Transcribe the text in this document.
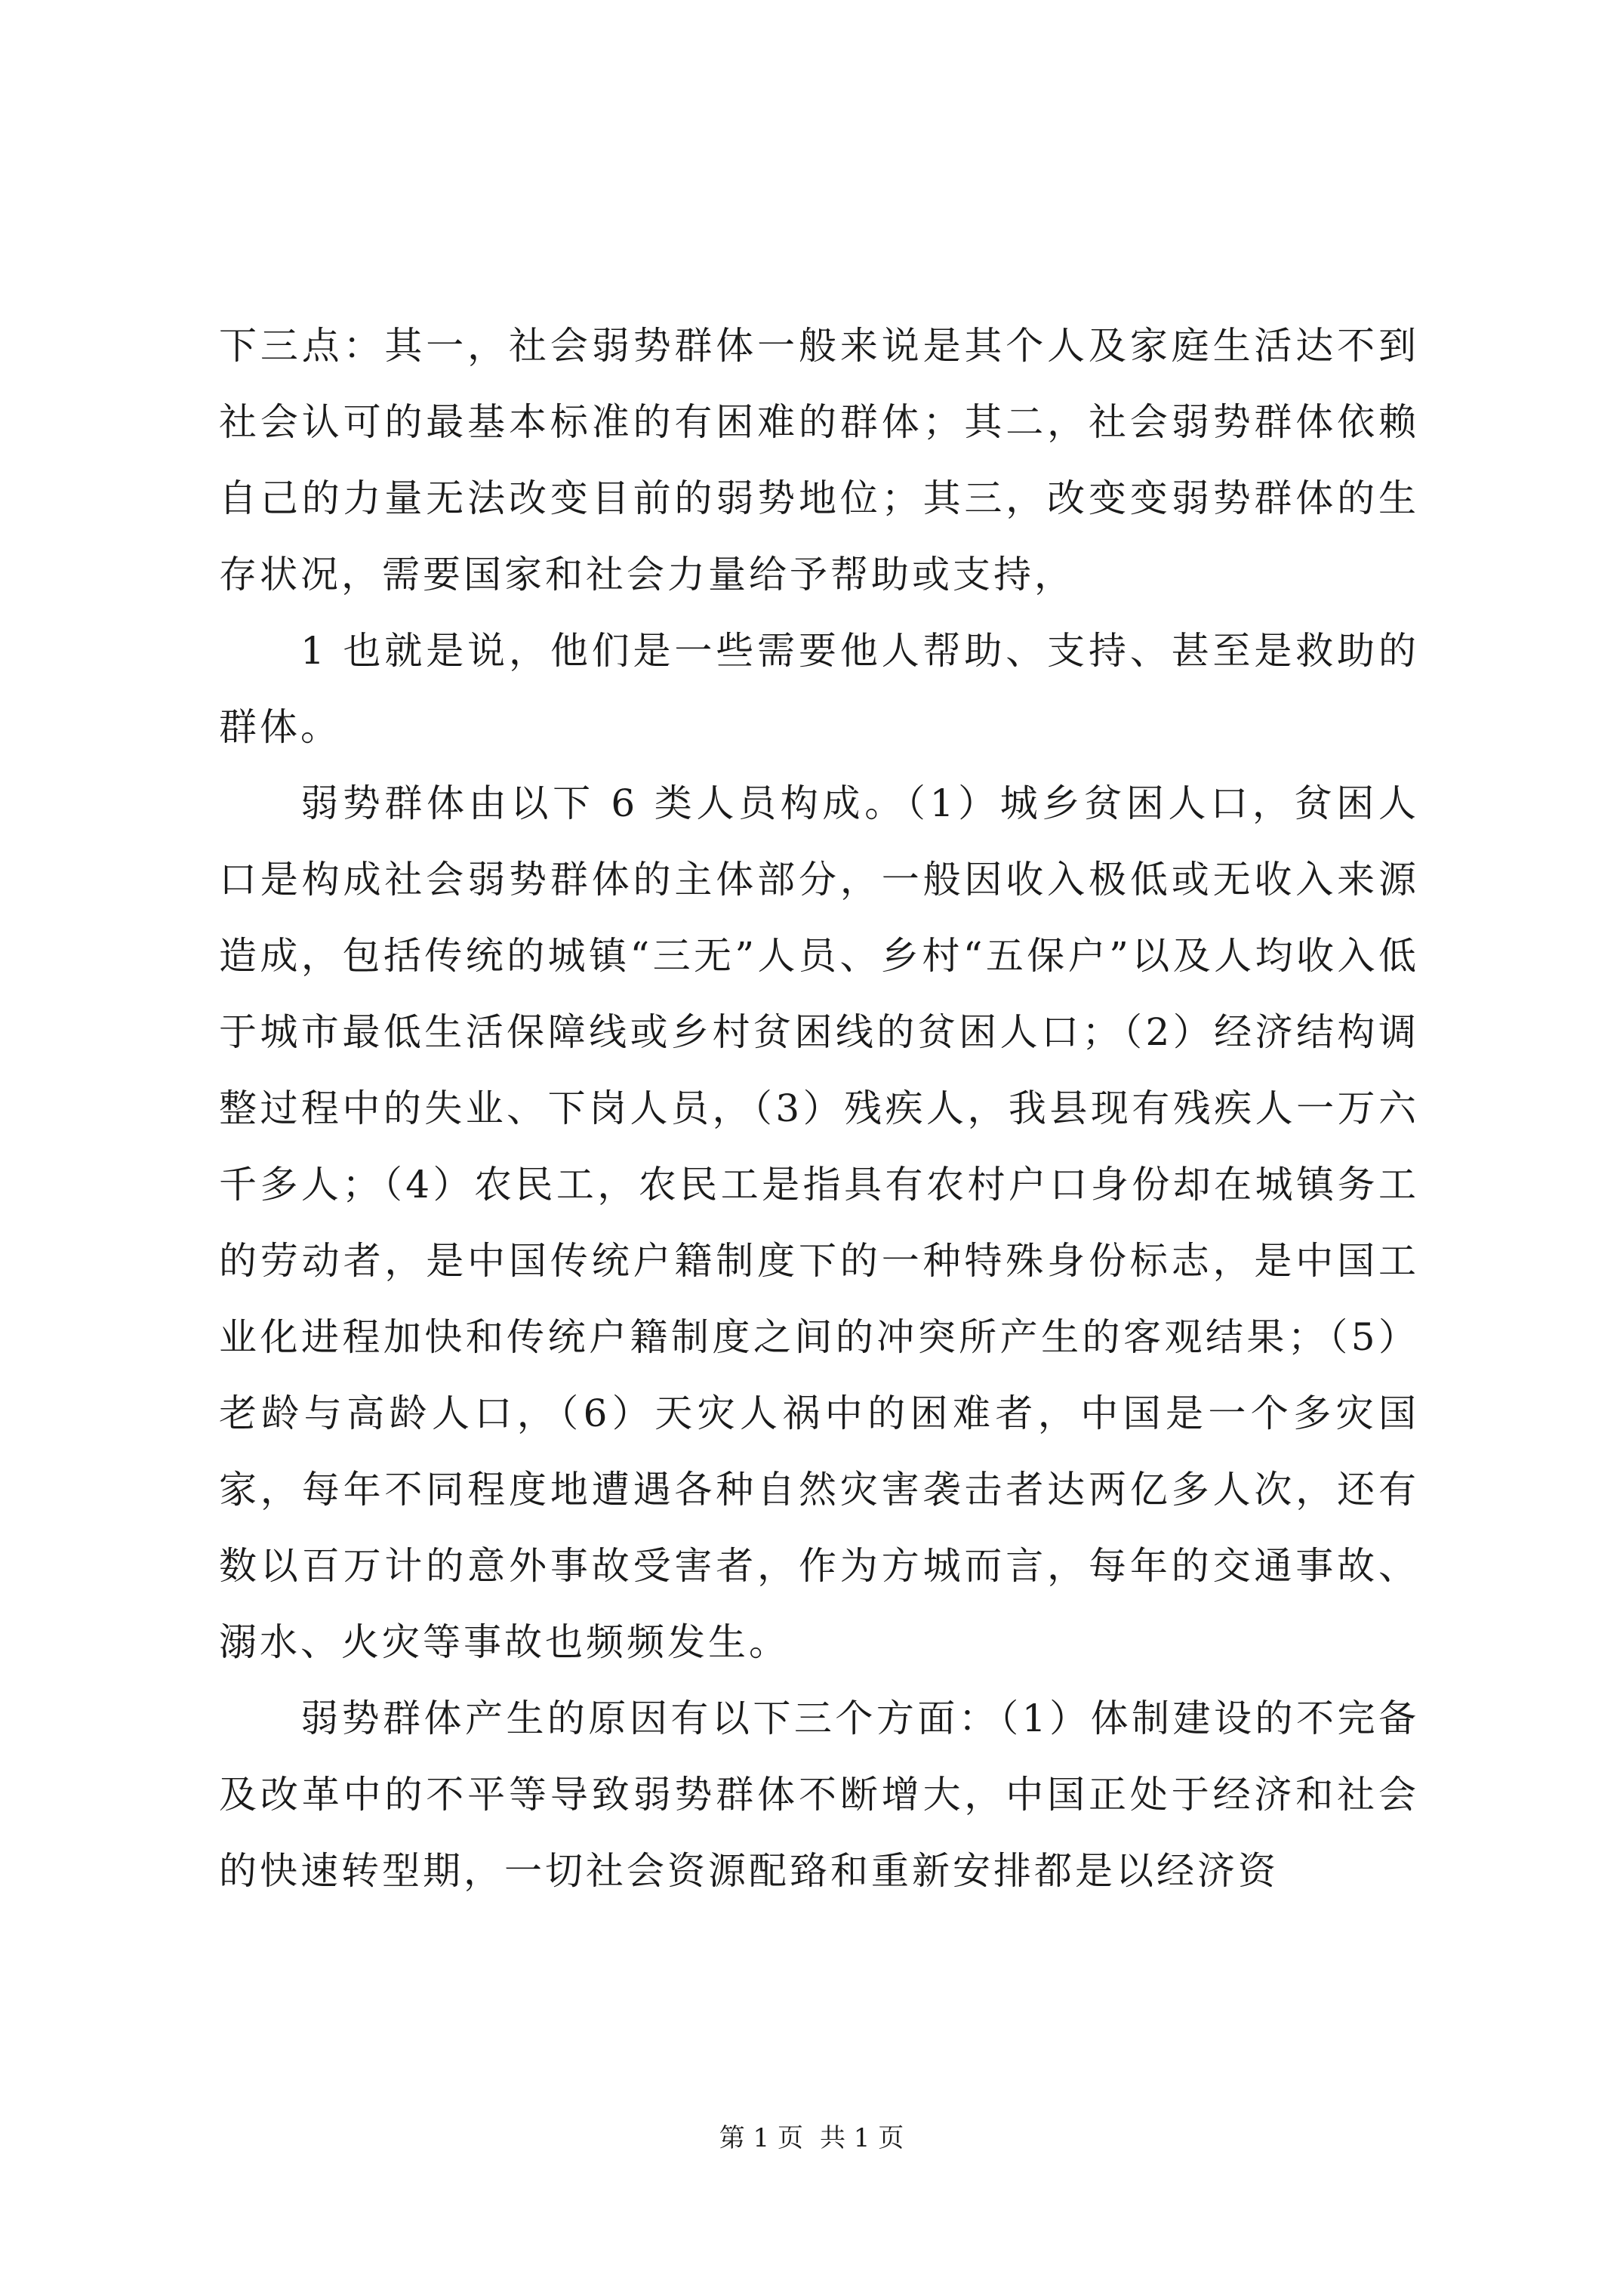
下三点：其一，社会弱势群体一般来说是其个人及家庭生活达不到社会认可的最基本标准的有困难的群体；其二，社会弱势群体依赖自己的力量无法改变目前的弱势地位；其三，改变变弱势群体的生存状况，需要国家和社会力量给予帮助或支持，

1 也就是说，他们是一些需要他人帮助、支持、甚至是救助的群体。

弱势群体由以下 6 类人员构成。（1）城乡贫困人口，贫困人口是构成社会弱势群体的主体部分，一般因收入极低或无收入来源造成，包括传统的城镇“三无”人员、乡村“五保户”以及人均收入低于城市最低生活保障线或乡村贫困线的贫困人口；（2）经济结构调整过程中的失业、下岗人员，（3）残疾人，我县现有残疾人一万六千多人；（4）农民工，农民工是指具有农村户口身份却在城镇务工的劳动者，是中国传统户籍制度下的一种特殊身份标志，是中国工业化进程加快和传统户籍制度之间的冲突所产生的客观结果；（5）老龄与高龄人口，（6）天灾人祸中的困难者，中国是一个多灾国家，每年不同程度地遭遇各种自然灾害袭击者达两亿多人次，还有数以百万计的意外事故受害者，作为方城而言，每年的交通事故、溺水、火灾等事故也频频发生。

弱势群体产生的原因有以下三个方面：（1）体制建设的不完备及改革中的不平等导致弱势群体不断增大，中国正处于经济和社会的快速转型期，一切社会资源配臵和重新安排都是以经济资

第 1 页 共 1 页
